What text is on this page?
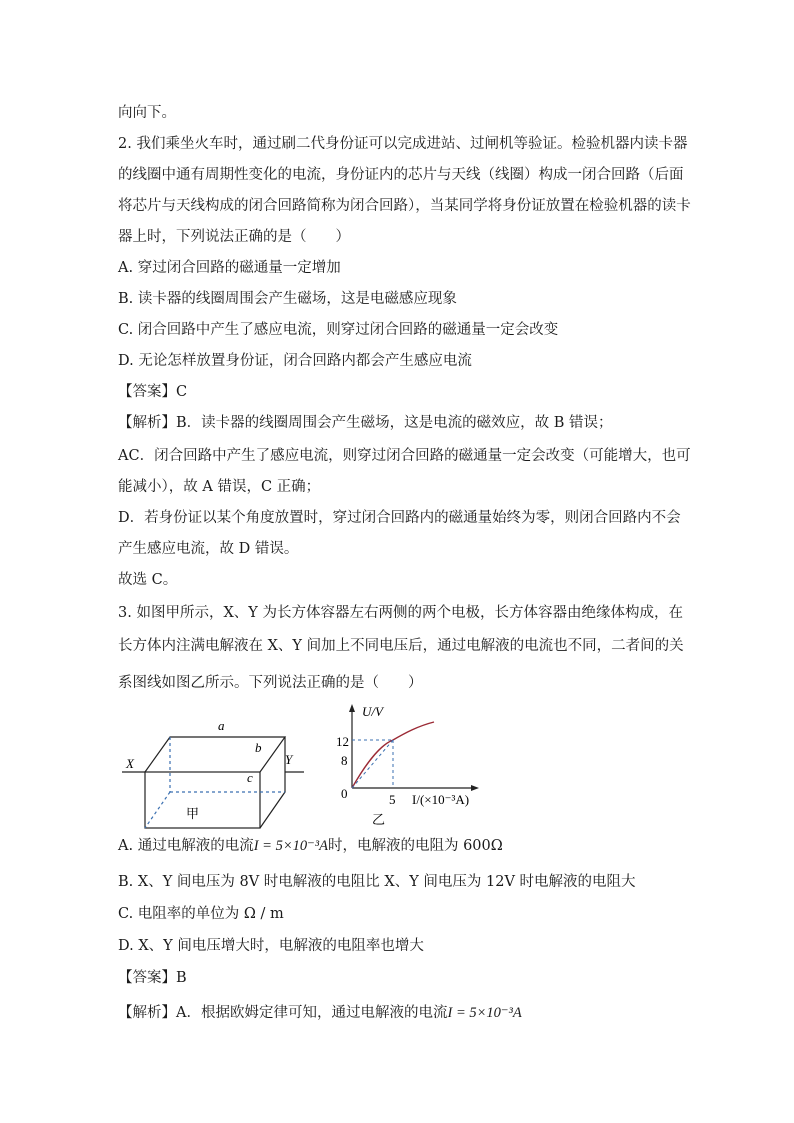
向向下。
2. 我们乘坐火车时，通过刷二代身份证可以完成进站、过闸机等验证。检验机器内读卡器
的线圈中通有周期性变化的电流，身份证内的芯片与天线（线圈）构成一闭合回路（后面
将芯片与天线构成的闭合回路简称为闭合回路），当某同学将身份证放置在检验机器的读卡
器上时，下列说法正确的是（　　）
A. 穿过闭合回路的磁通量一定增加
B. 读卡器的线圈周围会产生磁场，这是电磁感应现象
C. 闭合回路中产生了感应电流，则穿过闭合回路的磁通量一定会改变
D. 无论怎样放置身份证，闭合回路内都会产生感应电流
【答案】C
【解析】B．读卡器的线圈周围会产生磁场，这是电流的磁效应，故 B 错误；
AC．闭合回路中产生了感应电流，则穿过闭合回路的磁通量一定会改变（可能增大，也可
能减小），故 A 错误，C 正确；
D．若身份证以某个角度放置时，穿过闭合回路内的磁通量始终为零，则闭合回路内不会
产生感应电流，故 D 错误。
故选 C。
3. 如图甲所示，X、Y 为长方体容器左右两侧的两个电极，长方体容器由绝缘体构成，在
长方体内注满电解液在 X、Y 间加上不同电压后，通过电解液的电流也不同，二者间的关
系图线如图乙所示。下列说法正确的是（　　）
a
b
c
X	Y
甲
U/V
12
8
0	5 I/(×10⁻³A)
乙
A. 通过电解液的电流I = 5×10⁻³A时，电解液的电阻为 600Ω
B. X、Y 间电压为 8V 时电解液的电阻比 X、Y 间电压为 12V 时电解液的电阻大
C. 电阻率的单位为 Ω / m
D. X、Y 间电压增大时，电解液的电阻率也增大
【答案】B
【解析】A．根据欧姆定律可知，通过电解液的电流I = 5×10⁻³A
